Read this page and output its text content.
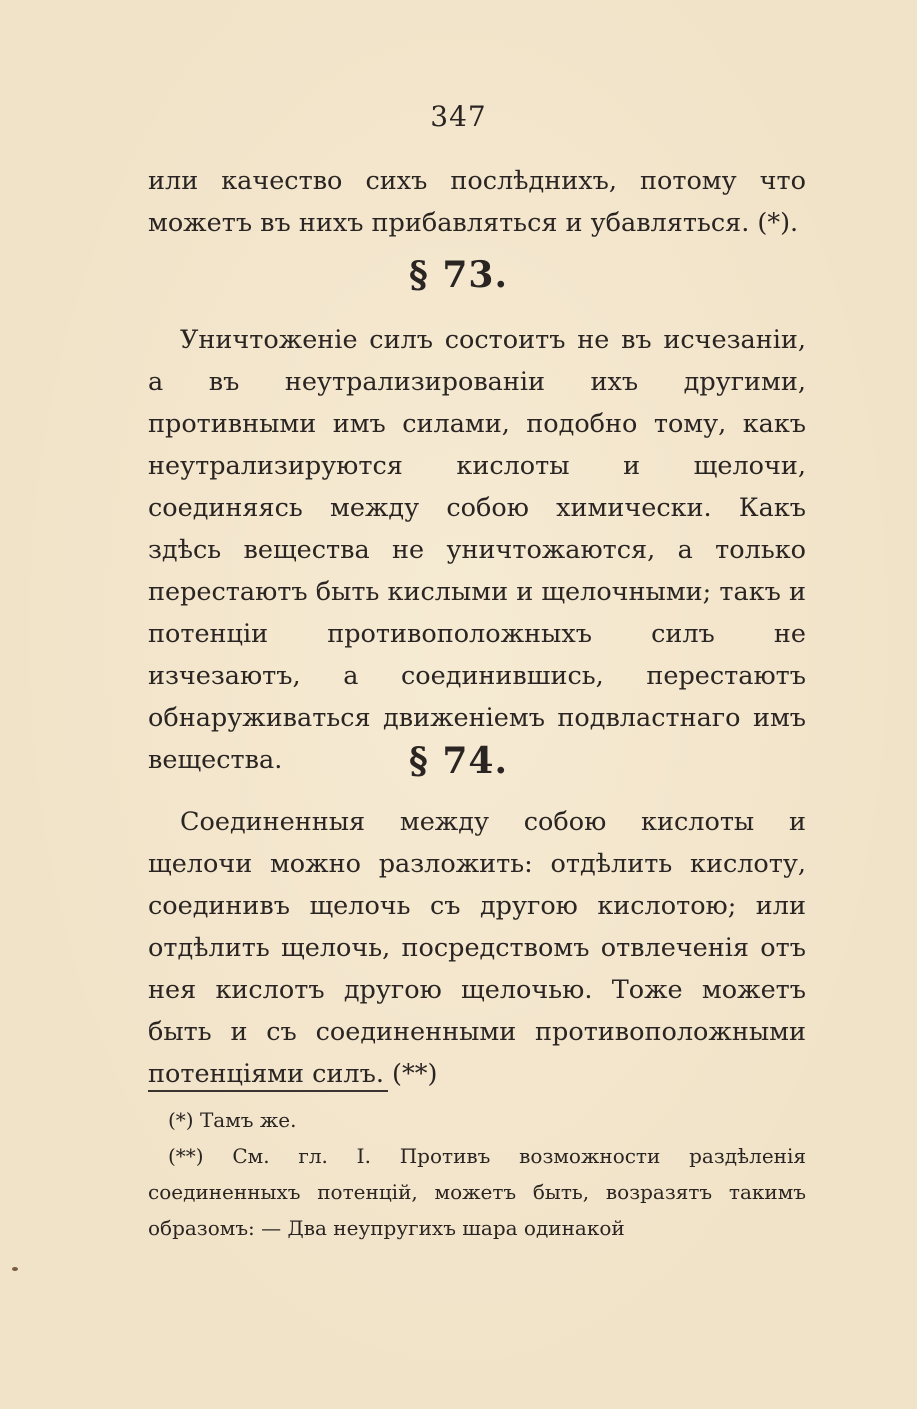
347

или качество сихъ послѣднихъ, потому что можетъ въ нихъ прибавляться и убавляться. (*).

§ 73.

Уничтоженіе силъ состоитъ не въ исчезаніи, а въ неутрализированіи ихъ другими, противными имъ силами, подобно тому, какъ неутрализируются кислоты и щелочи, соединяясь между собою химически. Какъ здѣсь вещества не уничтожаются, а только перестаютъ быть кислыми и щелочными; такъ и потенціи противоположныхъ силъ не изчезаютъ, а соединившись, перестаютъ обнаруживаться движеніемъ подвластнаго имъ вещества.	§ 74.

Соединенныя между собою кислоты и щелочи можно разложить: отдѣлить кислоту, соединивъ щелочь съ другою кислотою; или отдѣлить щелочь, посредствомъ отвлеченія отъ нея кислотъ другою щелочью. Тоже можетъ быть и съ соединенными противоположными потенціями силъ. (**)

(*) Тамъ же.

(**) См. гл. I. Противъ возможности раздѣленія соединенныхъ потенцій, можетъ быть, возразятъ такимъ образомъ: — Два неупругихъ шара одинакой
